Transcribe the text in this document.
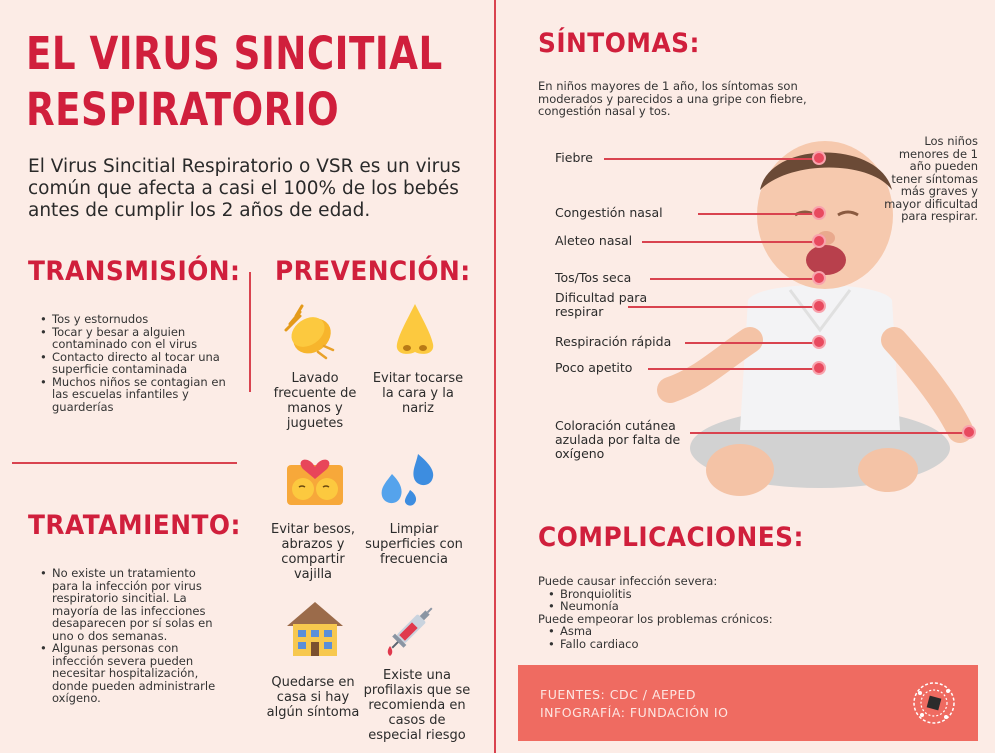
EL VIRUS SINCITIAL
RESPIRATORIO
El Virus Sincitial Respiratorio o VSR es un virus común que afecta a casi el 100% de los bebés antes de cumplir los 2 años de edad.
TRANSMISIÓN:
• Tos y estornudos
• Tocar y besar a alguien contaminado con el virus
• Contacto directo al tocar una superficie contaminada
• Muchos niños se contagian en las escuelas infantiles y guarderías
TRATAMIENTO:
• No existe un tratamiento para la infección por virus respiratorio sincitial. La mayoría de las infecciones desaparecen por sí solas en uno o dos semanas.
• Algunas personas con infección severa pueden necesitar hospitalización, donde pueden administrarle oxígeno.
PREVENCIÓN:
Lavado frecuente de manos y juguetes
Evitar tocarse la cara y la nariz
Evitar besos, abrazos y compartir vajilla
Limpiar superficies con frecuencia
Quedarse en casa si hay algún síntoma
Existe una profilaxis que se recomienda en casos de especial riesgo
SÍNTOMAS:
En niños mayores de 1 año, los síntomas son moderados y parecidos a una gripe con fiebre, congestión nasal y tos.
Los niños menores de 1 año pueden tener síntomas más graves y mayor dificultad para respirar.
Fiebre
Congestión nasal
Aleteo nasal
Tos/Tos seca
Dificultad para respirar
Respiración rápida
Poco apetito
Coloración cutánea azulada por falta de oxígeno
COMPLICACIONES:
Puede causar infección severa:
• Bronquiolitis
• Neumonía
Puede empeorar los problemas crónicos:
• Asma
• Fallo cardiaco
FUENTES: CDC / AEPED
INFOGRAFÍA: FUNDACIÓN IO
